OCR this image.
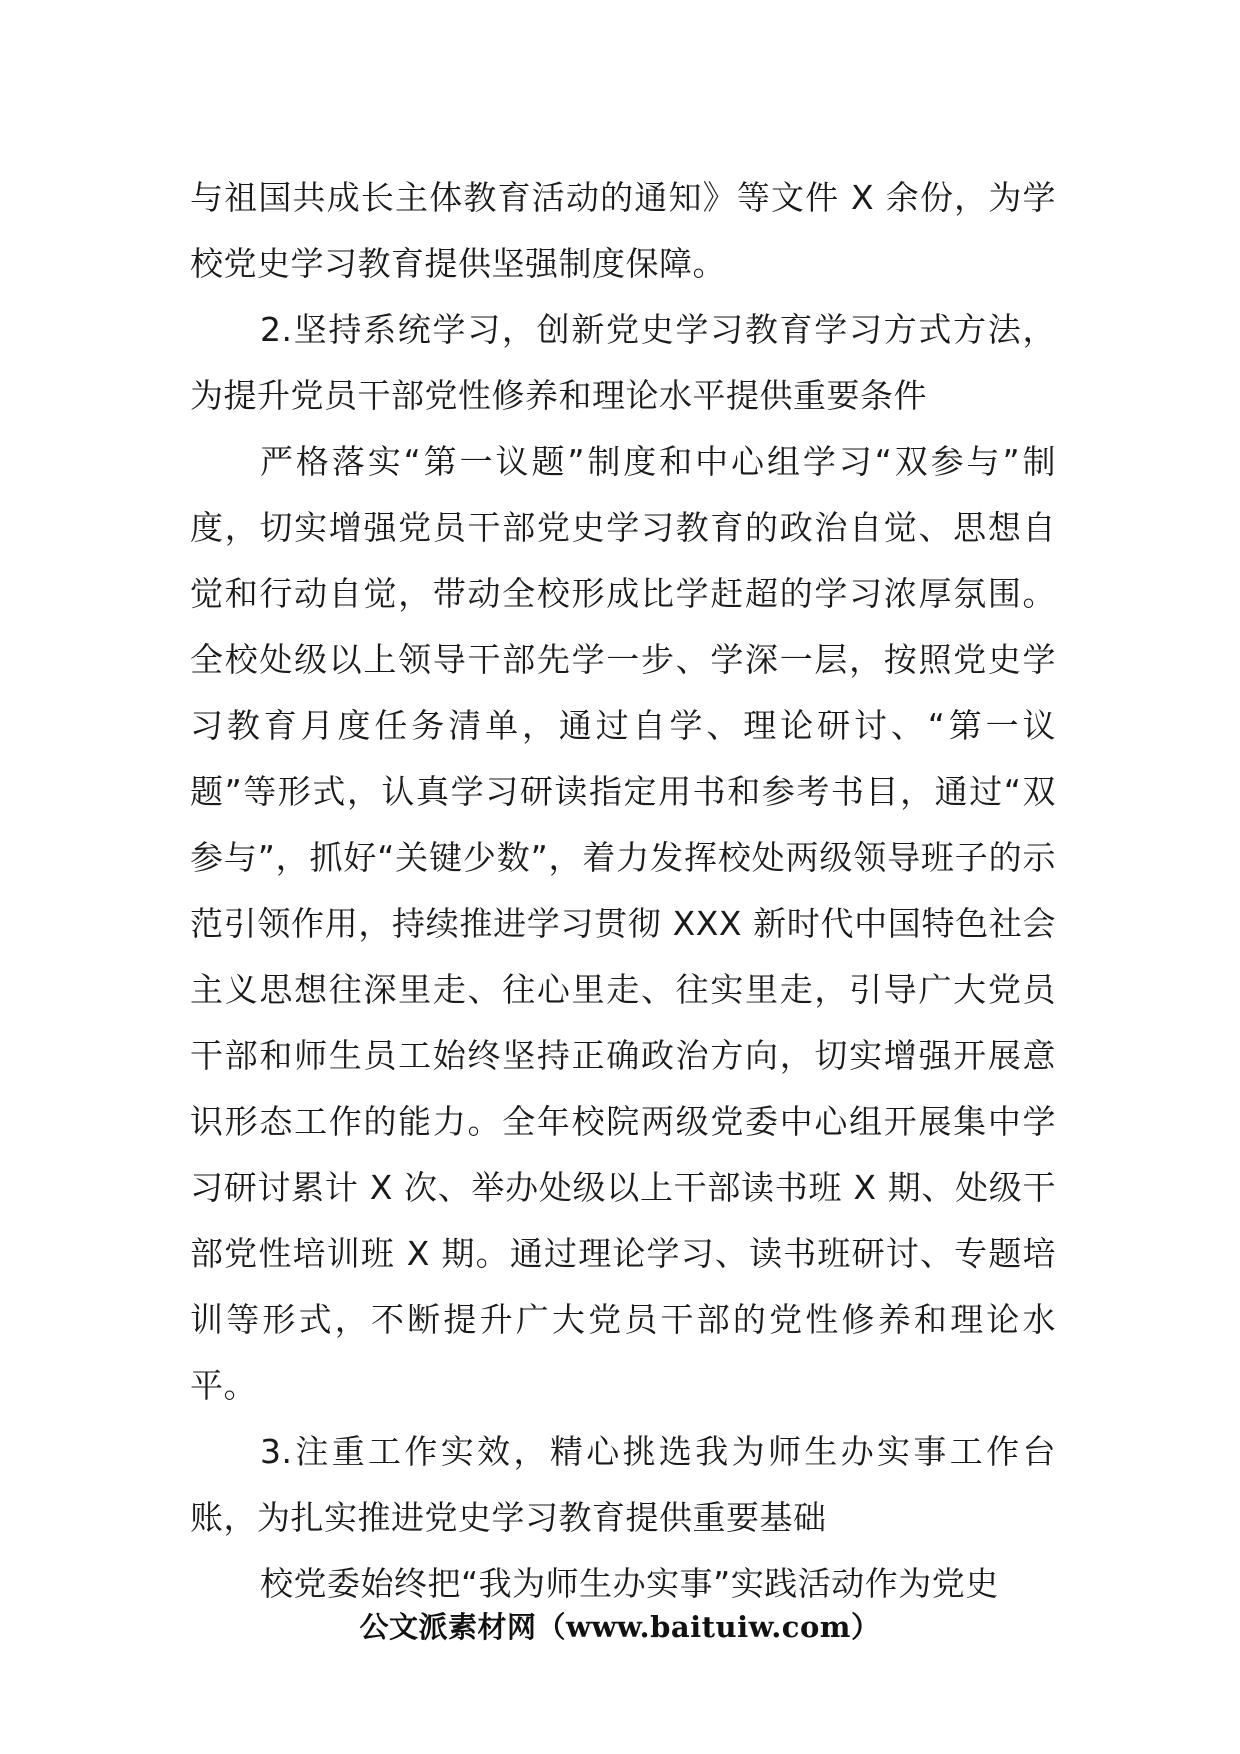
与祖国共成长主体教育活动的通知》等文件 X 余份，为学校党史学习教育提供坚强制度保障。

2.坚持系统学习，创新党史学习教育学习方式方法，为提升党员干部党性修养和理论水平提供重要条件

严格落实“第一议题”制度和中心组学习“双参与”制度，切实增强党员干部党史学习教育的政治自觉、思想自觉和行动自觉，带动全校形成比学赶超的学习浓厚氛围。全校处级以上领导干部先学一步、学深一层，按照党史学习教育月度任务清单，通过自学、理论研讨、“第一议题”等形式，认真学习研读指定用书和参考书目，通过“双参与”，抓好“关键少数”，着力发挥校处两级领导班子的示范引领作用，持续推进学习贯彻 XXX 新时代中国特色社会主义思想往深里走、往心里走、往实里走，引导广大党员干部和师生员工始终坚持正确政治方向，切实增强开展意识形态工作的能力。全年校院两级党委中心组开展集中学习研讨累计 X 次、举办处级以上干部读书班 X 期、处级干部党性培训班 X 期。通过理论学习、读书班研讨、专题培训等形式，不断提升广大党员干部的党性修养和理论水平。

3.注重工作实效，精心挑选我为师生办实事工作台账，为扎实推进党史学习教育提供重要基础

校党委始终把“我为师生办实事”实践活动作为党史

公文派素材网（www.baituiw.com）
